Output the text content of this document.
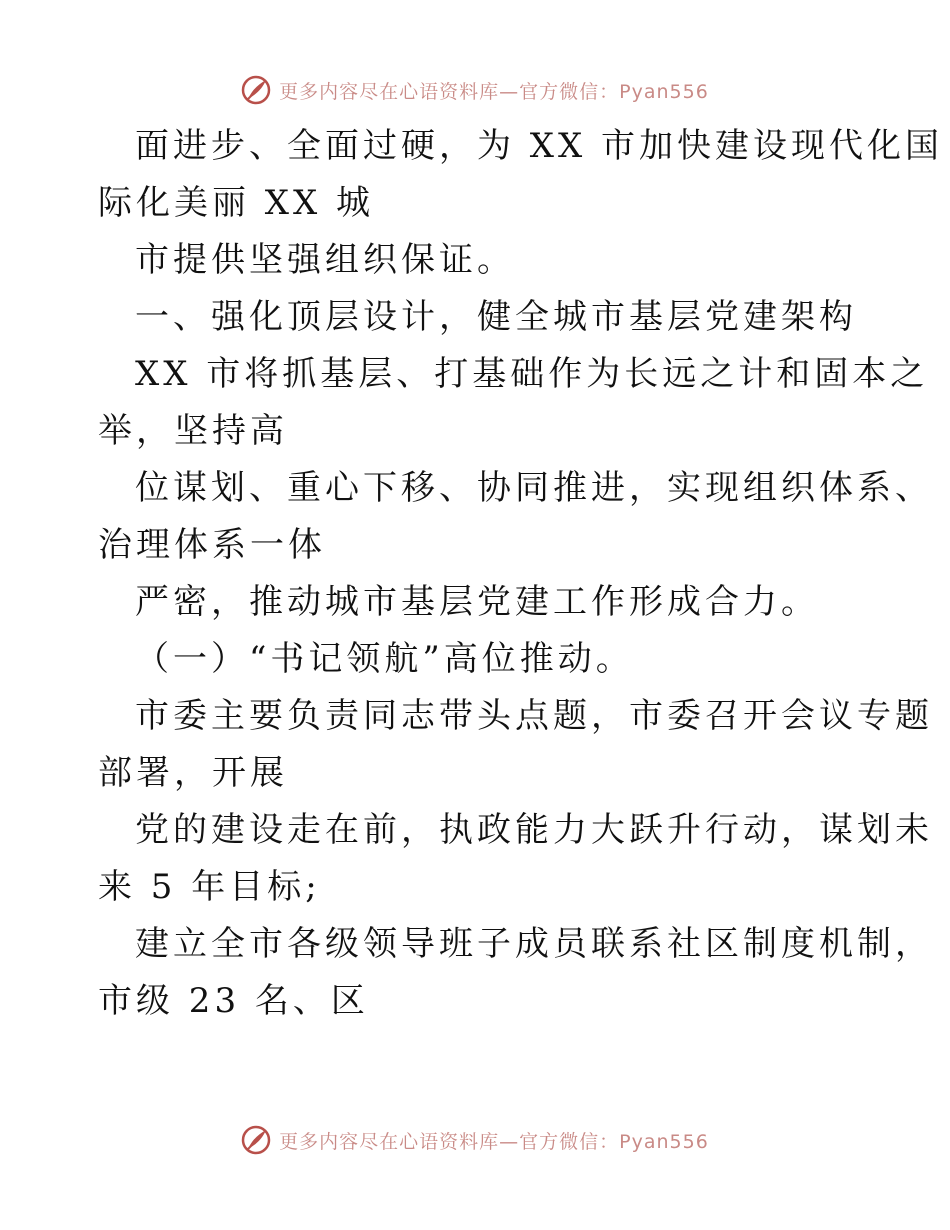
更多内容尽在心语资料库—官方微信：Pyan556
面进步、全面过硬，为 XX 市加快建设现代化国
际化美丽 XX 城
市提供坚强组织保证。
一、强化顶层设计，健全城市基层党建架构
XX 市将抓基层、打基础作为长远之计和固本之
举，坚持高
位谋划、重心下移、协同推进，实现组织体系、
治理体系一体
严密，推动城市基层党建工作形成合力。
（一）“书记领航”高位推动。
市委主要负责同志带头点题，市委召开会议专题
部署，开展
党的建设走在前，执政能力大跃升行动，谋划未
来 5 年目标;
建立全市各级领导班子成员联系社区制度机制，
市级 23 名、区
更多内容尽在心语资料库—官方微信：Pyan556
